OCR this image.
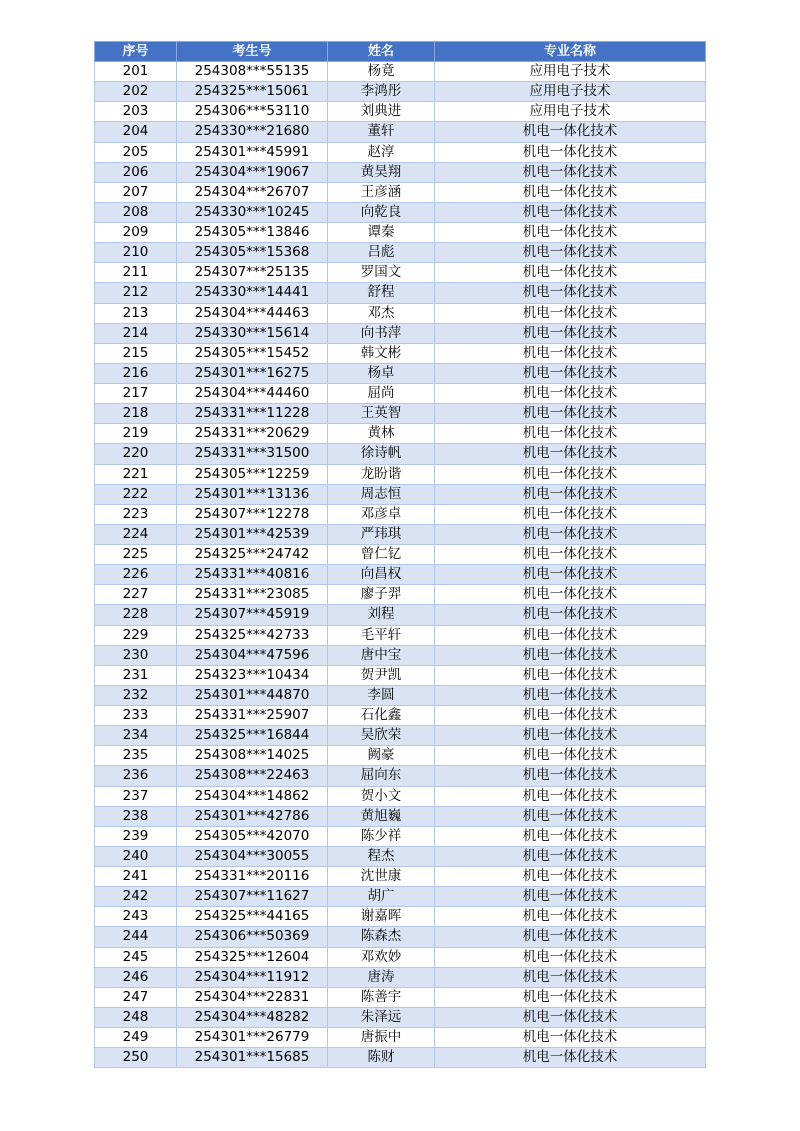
序号	考生号	姓名	专业名称
201	254308***55135	杨竟	应用电子技术
202	254325***15061	李鸿彤	应用电子技术
203	254306***53110	刘典进	应用电子技术
204	254330***21680	董轩	机电一体化技术
205	254301***45991	赵淳	机电一体化技术
206	254304***19067	黄昊翔	机电一体化技术
207	254304***26707	王彦涵	机电一体化技术
208	254330***10245	向乾良	机电一体化技术
209	254305***13846	谭秦	机电一体化技术
210	254305***15368	吕彪	机电一体化技术
211	254307***25135	罗国文	机电一体化技术
212	254330***14441	舒程	机电一体化技术
213	254304***44463	邓杰	机电一体化技术
214	254330***15614	向书萍	机电一体化技术
215	254305***15452	韩文彬	机电一体化技术
216	254301***16275	杨卓	机电一体化技术
217	254304***44460	屈尚	机电一体化技术
218	254331***11228	王英智	机电一体化技术
219	254331***20629	黄林	机电一体化技术
220	254331***31500	徐诗帆	机电一体化技术
221	254305***12259	龙盼谐	机电一体化技术
222	254301***13136	周志恒	机电一体化技术
223	254307***12278	邓彦卓	机电一体化技术
224	254301***42539	严玮琪	机电一体化技术
225	254325***24742	曾仁钇	机电一体化技术
226	254331***40816	向昌权	机电一体化技术
227	254331***23085	廖子羿	机电一体化技术
228	254307***45919	刘程	机电一体化技术
229	254325***42733	毛平轩	机电一体化技术
230	254304***47596	唐中宝	机电一体化技术
231	254323***10434	贺尹凯	机电一体化技术
232	254301***44870	李圆	机电一体化技术
233	254331***25907	石化鑫	机电一体化技术
234	254325***16844	吴欣荣	机电一体化技术
235	254308***14025	阙豪	机电一体化技术
236	254308***22463	屈向东	机电一体化技术
237	254304***14862	贺小文	机电一体化技术
238	254301***42786	黄旭巍	机电一体化技术
239	254305***42070	陈少祥	机电一体化技术
240	254304***30055	程杰	机电一体化技术
241	254331***20116	沈世康	机电一体化技术
242	254307***11627	胡广	机电一体化技术
243	254325***44165	谢嘉晖	机电一体化技术
244	254306***50369	陈森杰	机电一体化技术
245	254325***12604	邓欢妙	机电一体化技术
246	254304***11912	唐涛	机电一体化技术
247	254304***22831	陈善宇	机电一体化技术
248	254304***48282	朱泽远	机电一体化技术
249	254301***26779	唐振中	机电一体化技术
250	254301***15685	陈财	机电一体化技术
